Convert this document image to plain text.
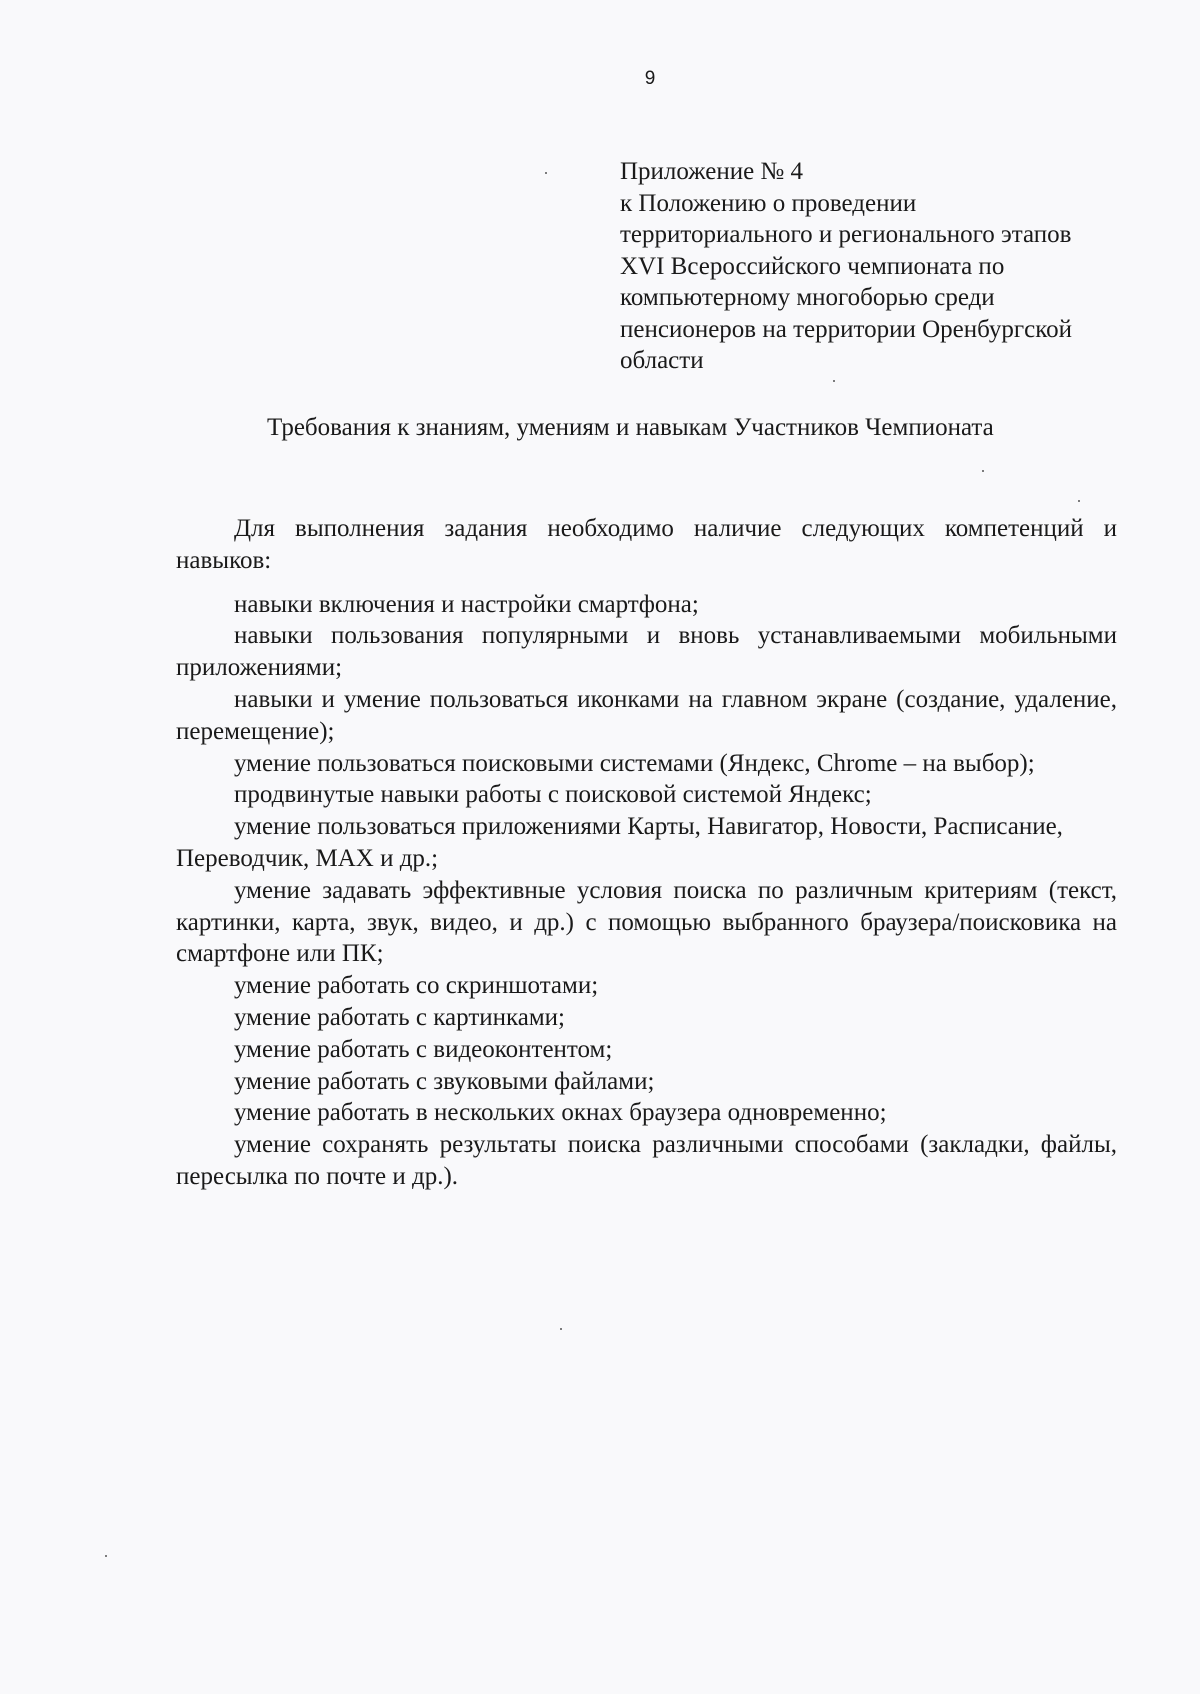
9
Приложение № 4
к Положению о проведении
территориального и регионального этапов
XVI Всероссийского чемпионата по
компьютерному многоборью среди
пенсионеров на территории Оренбургской
области
Требования к знаниям, умениям и навыкам Участников Чемпионата

Для выполнения задания необходимо наличие следующих компетенций и навыков:

навыки включения и настройки смартфона;

навыки пользования популярными и вновь устанавливаемыми мобильными приложениями;

навыки и умение пользоваться иконками на главном экране (создание, удаление, перемещение);

умение пользоваться поисковыми системами (Яндекс, Chrome – на выбор);

продвинутые навыки работы с поисковой системой Яндекс;

умение пользоваться приложениями Карты, Навигатор, Новости, Расписание, Переводчик, MAX и др.;

умение задавать эффективные условия поиска по различным критериям (текст, картинки, карта, звук, видео, и др.) с помощью выбранного браузера/поисковика на смартфоне или ПК;

умение работать со скриншотами;

умение работать с картинками;

умение работать с видеоконтентом;

умение работать с звуковыми файлами;

умение работать в нескольких окнах браузера одновременно;

умение сохранять результаты поиска различными способами (закладки, файлы, пересылка по почте и др.).
